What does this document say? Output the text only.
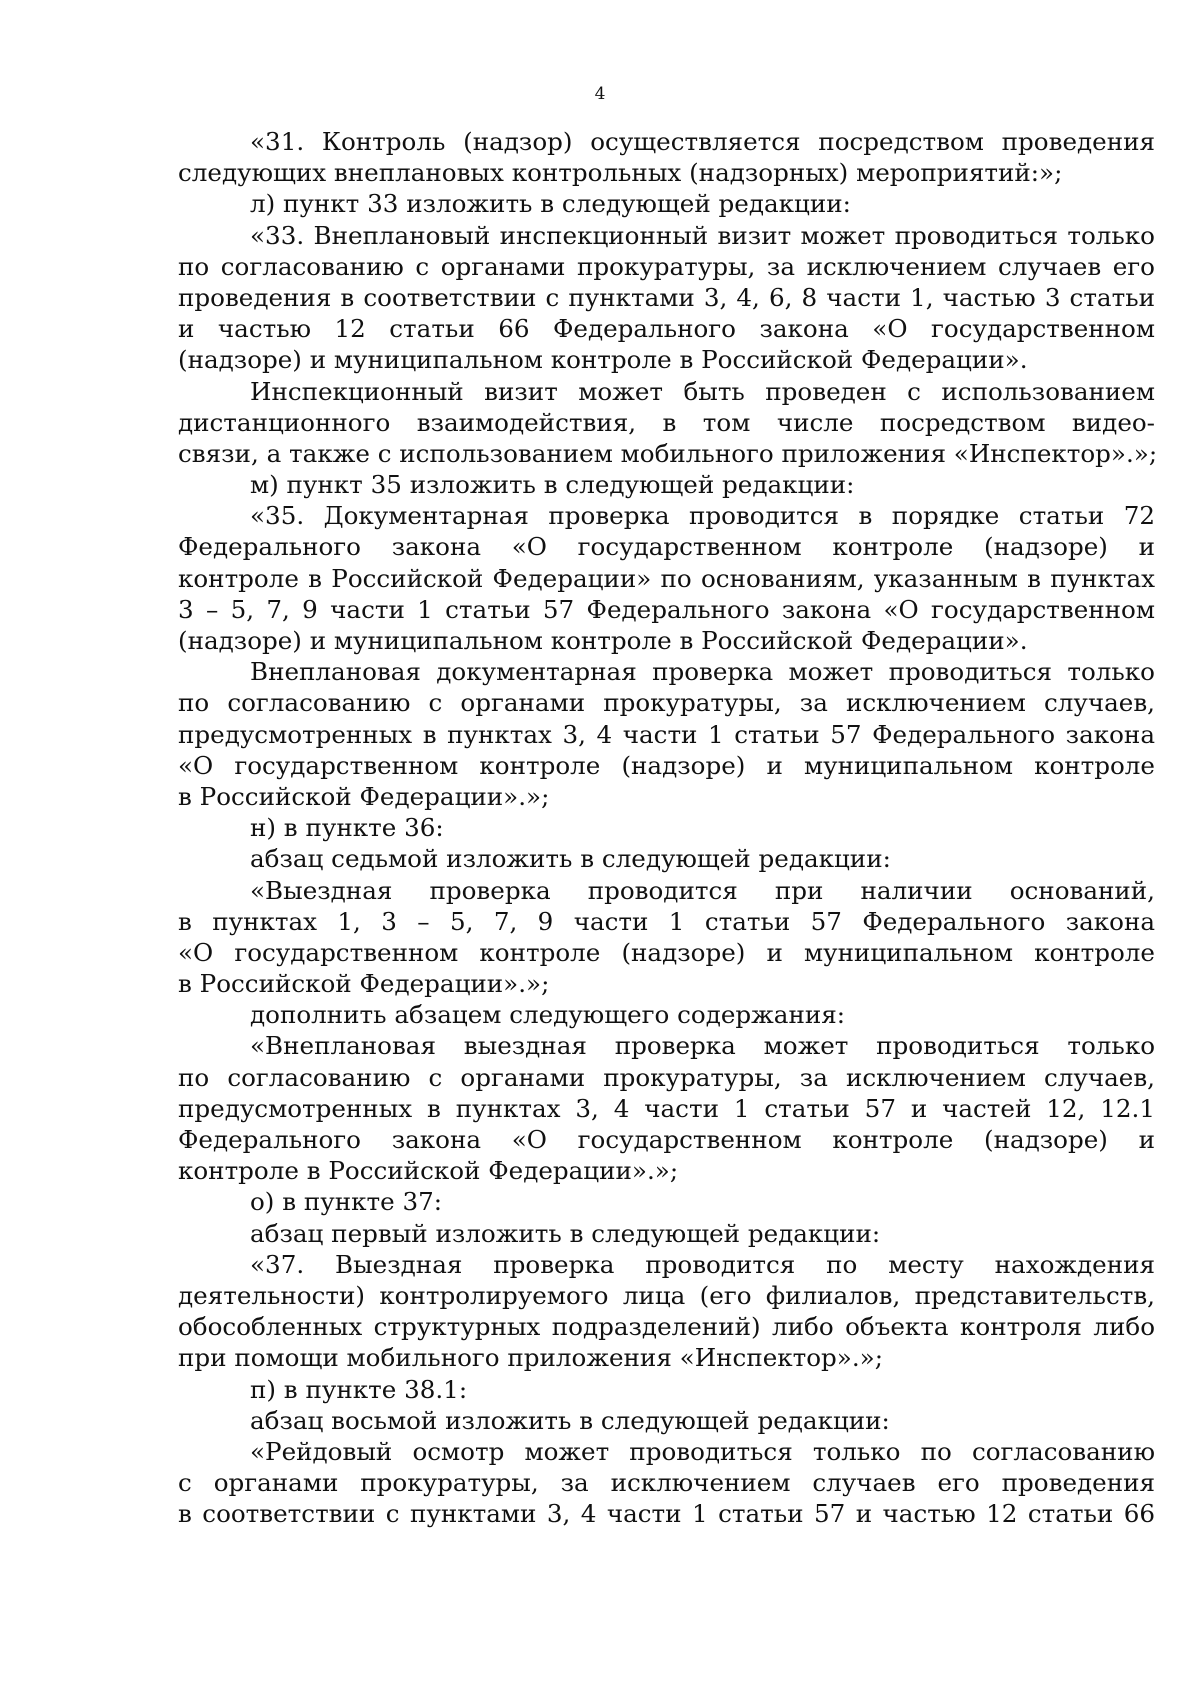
4
«31. Контроль (надзор) осуществляется посредством проведения
следующих внеплановых контрольных (надзорных) мероприятий:»;
л) пункт 33 изложить в следующей редакции:
«33. Внеплановый инспекционный визит может проводиться только
по согласованию с органами прокуратуры, за исключением случаев его
проведения в соответствии с пунктами 3, 4, 6, 8 части 1, частью 3 статьи
и частью 12 статьи 66 Федерального закона «О государственном
(надзоре) и муниципальном контроле в Российской Федерации».
Инспекционный визит может быть проведен с использованием
дистанционного взаимодействия, в том числе посредством видео-
связи, а также с использованием мобильного приложения «Инспектор».»;
м) пункт 35 изложить в следующей редакции:
«35. Документарная проверка проводится в порядке статьи 72
Федерального закона «О государственном контроле (надзоре) и
контроле в Российской Федерации» по основаниям, указанным в пунктах
3 – 5, 7, 9 части 1 статьи 57 Федерального закона «О государственном
(надзоре) и муниципальном контроле в Российской Федерации».
Внеплановая документарная проверка может проводиться только
по согласованию с органами прокуратуры, за исключением случаев,
предусмотренных в пунктах 3, 4 части 1 статьи 57 Федерального закона
«О государственном контроле (надзоре) и муниципальном контроле
в Российской Федерации».»;
н) в пункте 36:
абзац седьмой изложить в следующей редакции:
«Выездная проверка проводится при наличии оснований,
в пунктах 1, 3 – 5, 7, 9 части 1 статьи 57 Федерального закона
«О государственном контроле (надзоре) и муниципальном контроле
в Российской Федерации».»;
дополнить абзацем следующего содержания:
«Внеплановая выездная проверка может проводиться только
по согласованию с органами прокуратуры, за исключением случаев,
предусмотренных в пунктах 3, 4 части 1 статьи 57 и частей 12, 12.1
Федерального закона «О государственном контроле (надзоре) и
контроле в Российской Федерации».»;
о) в пункте 37:
абзац первый изложить в следующей редакции:
«37. Выездная проверка проводится по месту нахождения
деятельности) контролируемого лица (его филиалов, представительств,
обособленных структурных подразделений) либо объекта контроля либо
при помощи мобильного приложения «Инспектор».»;
п) в пункте 38.1:
абзац восьмой изложить в следующей редакции:
«Рейдовый осмотр может проводиться только по согласованию
с органами прокуратуры, за исключением случаев его проведения
в соответствии с пунктами 3, 4 части 1 статьи 57 и частью 12 статьи 66
